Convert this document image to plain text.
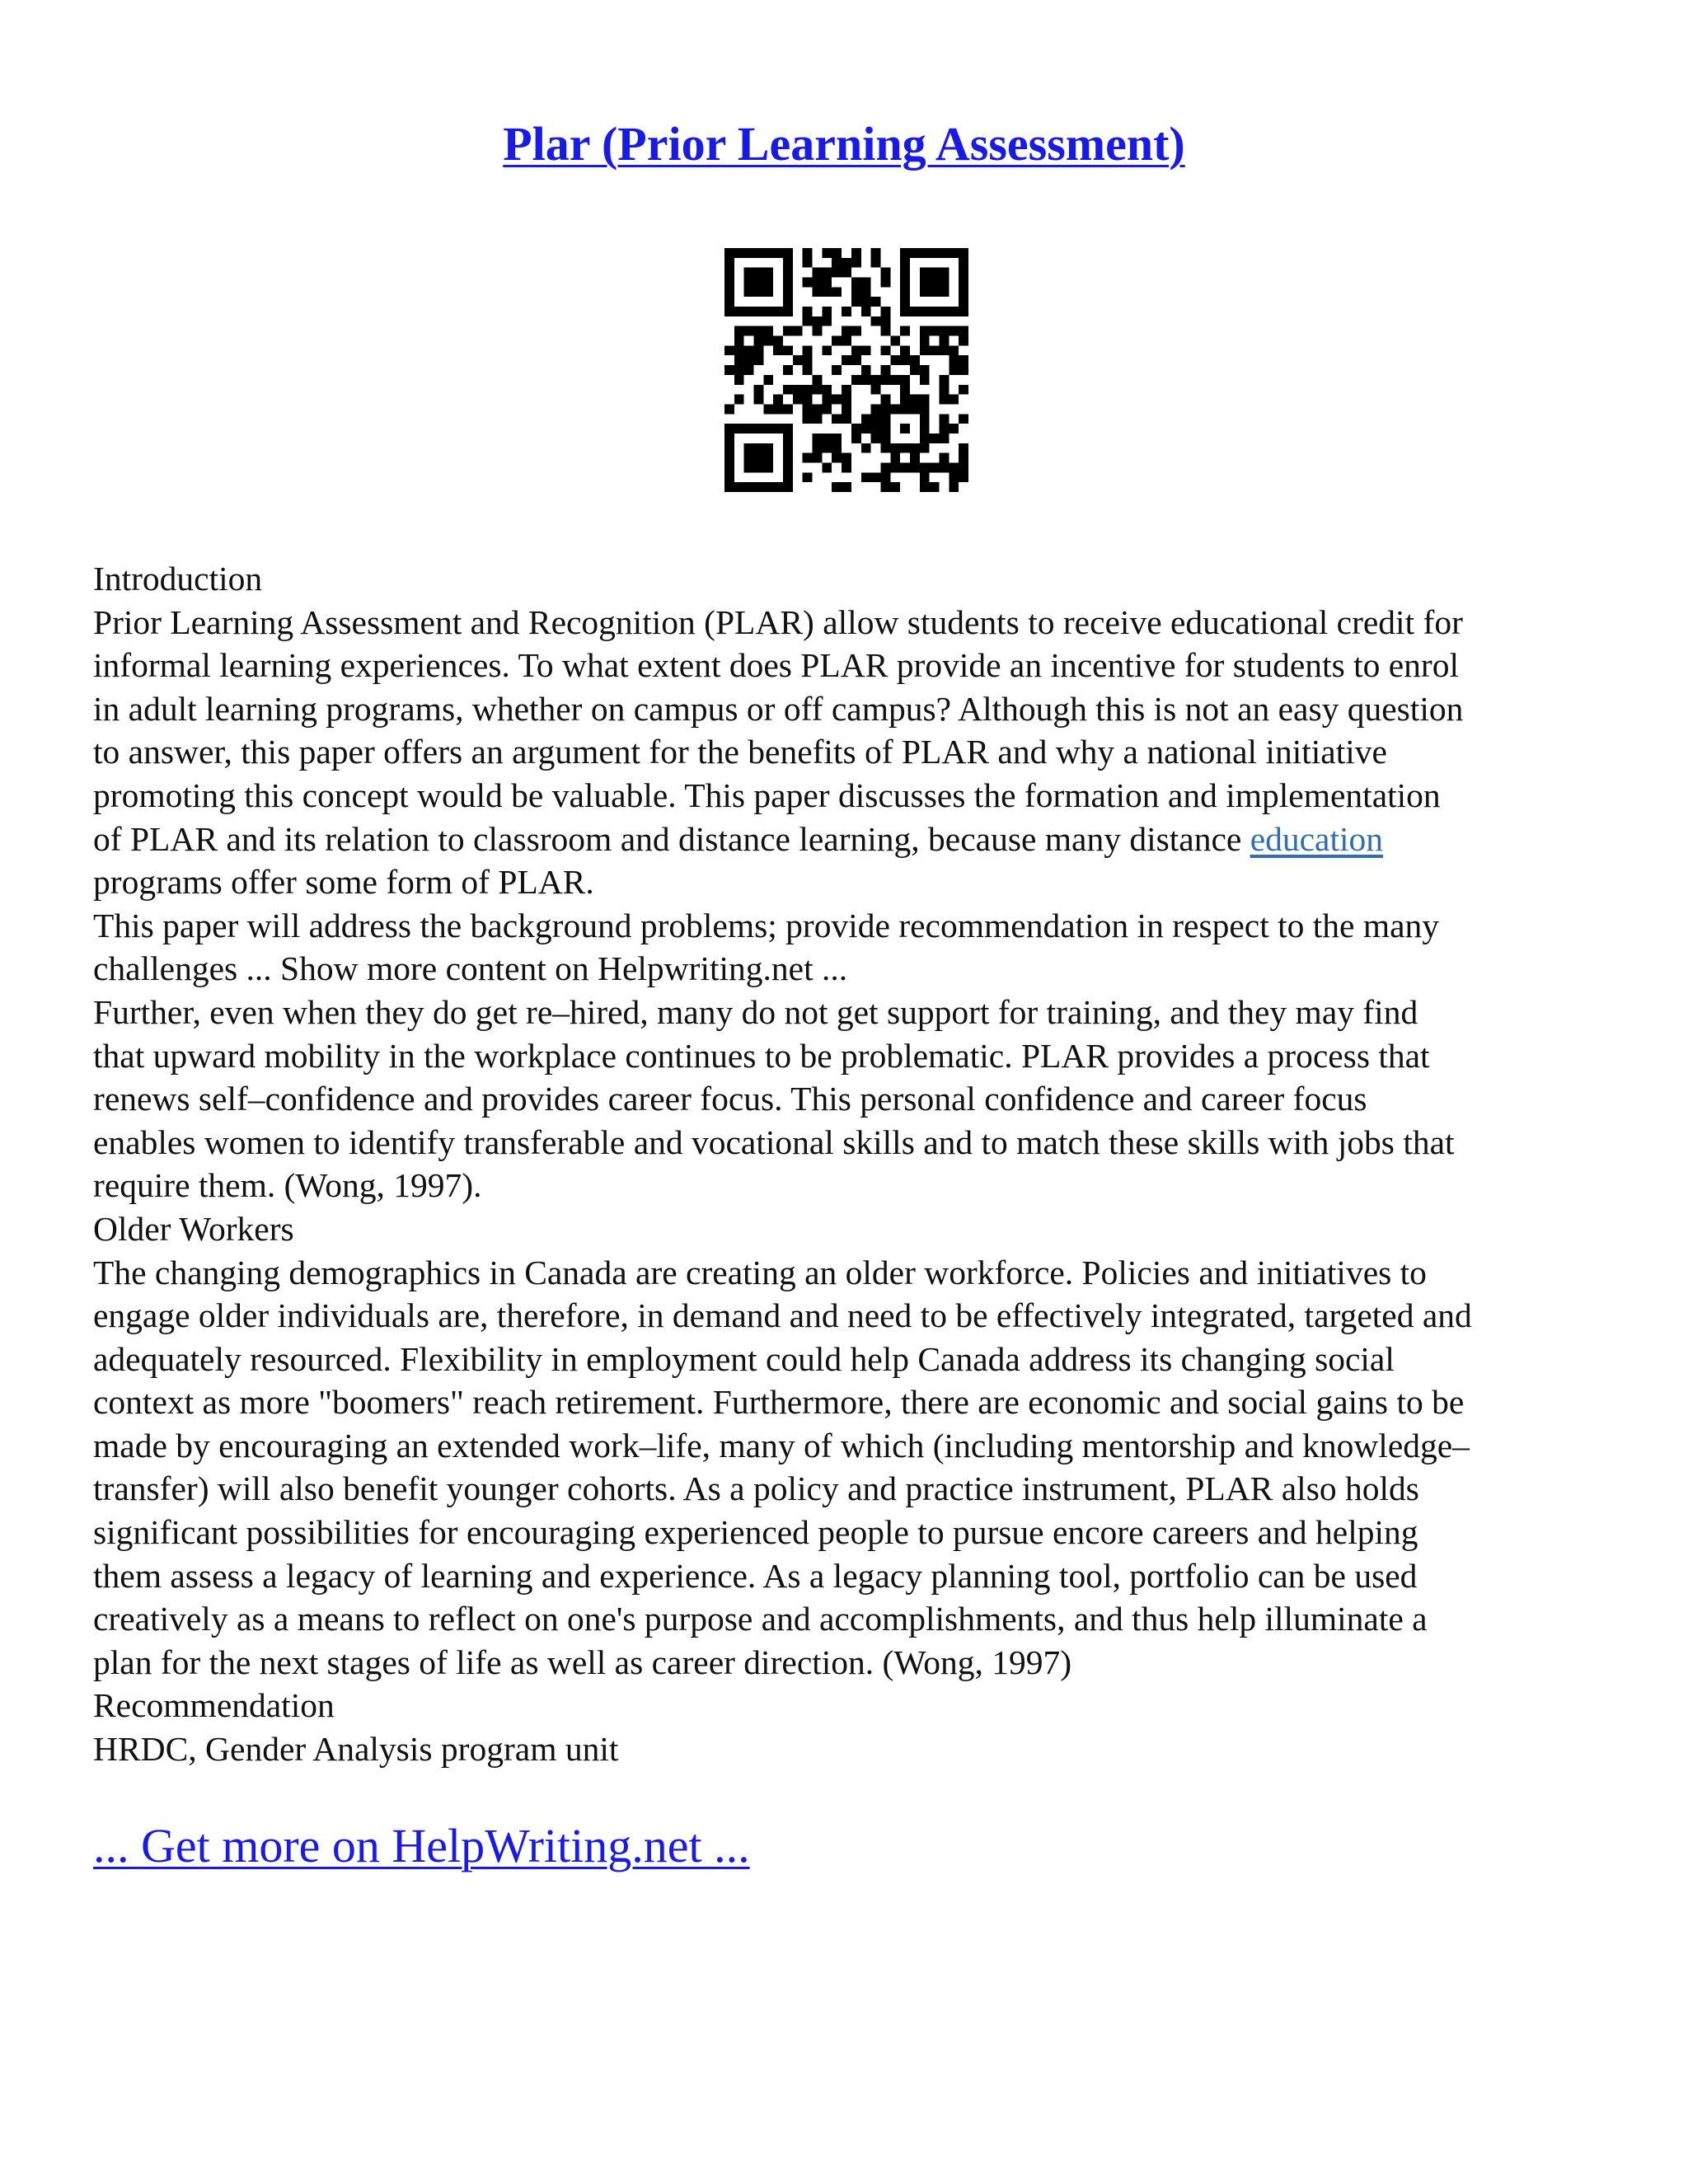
Plar (Prior Learning Assessment)
Introduction
Prior Learning Assessment and Recognition (PLAR) allow students to receive educational credit for
informal learning experiences. To what extent does PLAR provide an incentive for students to enrol
in adult learning programs, whether on campus or off campus? Although this is not an easy question
to answer, this paper offers an argument for the benefits of PLAR and why a national initiative
promoting this concept would be valuable. This paper discusses the formation and implementation
of PLAR and its relation to classroom and distance learning, because many distance education
programs offer some form of PLAR.
This paper will address the background problems; provide recommendation in respect to the many
challenges ... Show more content on Helpwriting.net ...
Further, even when they do get re–hired, many do not get support for training, and they may find
that upward mobility in the workplace continues to be problematic. PLAR provides a process that
renews self–confidence and provides career focus. This personal confidence and career focus
enables women to identify transferable and vocational skills and to match these skills with jobs that
require them. (Wong, 1997).
Older Workers
The changing demographics in Canada are creating an older workforce. Policies and initiatives to
engage older individuals are, therefore, in demand and need to be effectively integrated, targeted and
adequately resourced. Flexibility in employment could help Canada address its changing social
context as more "boomers" reach retirement. Furthermore, there are economic and social gains to be
made by encouraging an extended work–life, many of which (including mentorship and knowledge–
transfer) will also benefit younger cohorts. As a policy and practice instrument, PLAR also holds
significant possibilities for encouraging experienced people to pursue encore careers and helping
them assess a legacy of learning and experience. As a legacy planning tool, portfolio can be used
creatively as a means to reflect on one's purpose and accomplishments, and thus help illuminate a
plan for the next stages of life as well as career direction. (Wong, 1997)
Recommendation
HRDC, Gender Analysis program unit
... Get more on HelpWriting.net ...
